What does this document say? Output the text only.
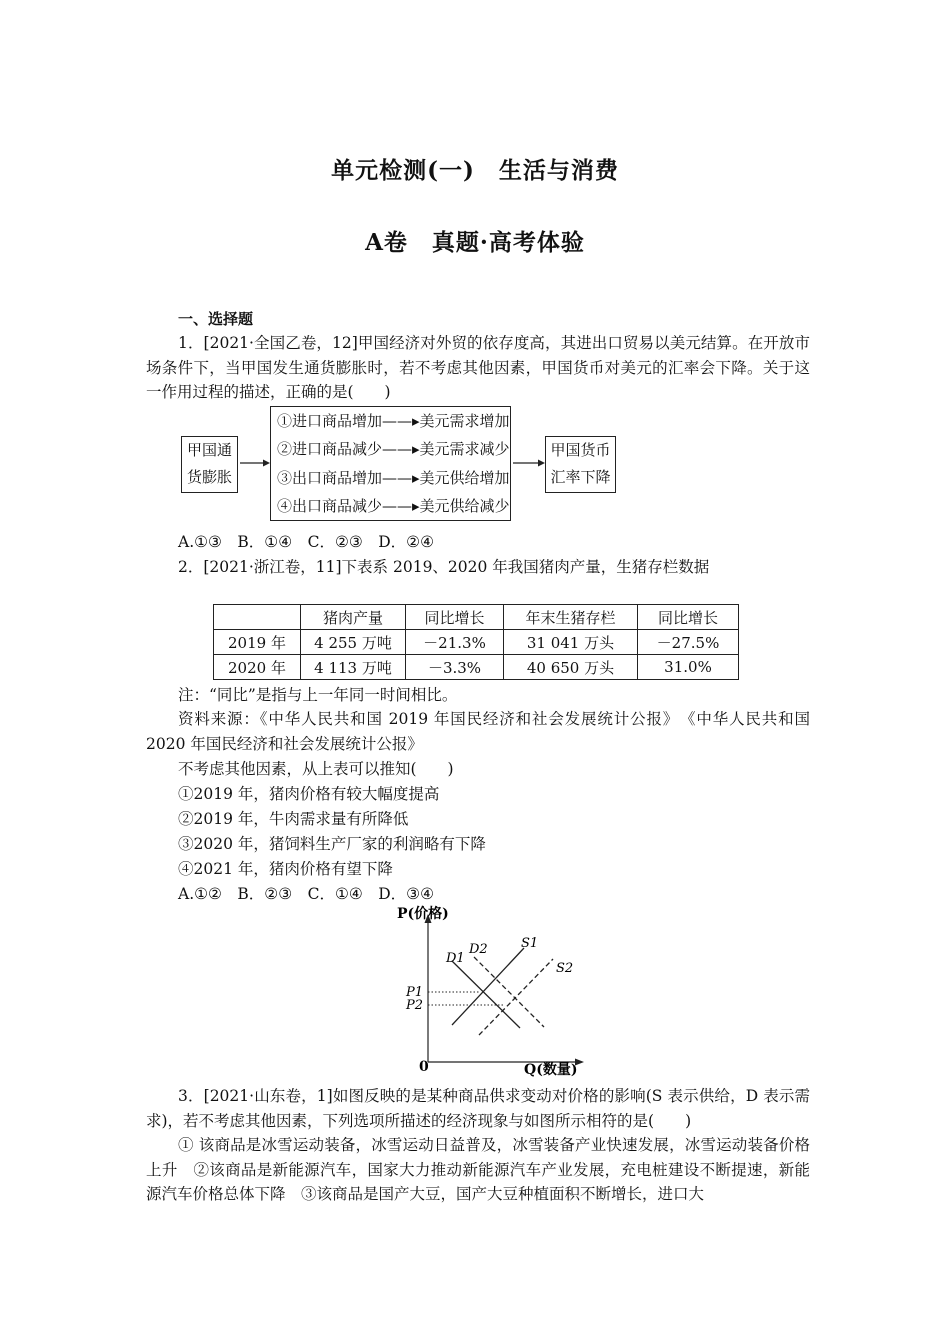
单元检测(一)　生活与消费
A卷　真题·高考体验
一、选择题

1．[2021·全国乙卷，12]甲国经济对外贸的依存度高，其进出口贸易以美元结算。在开放市场条件下，当甲国发生通货膨胀时，若不考虑其他因素，甲国货币对美元的汇率会下降。关于这一作用过程的描述，正确的是(　　)

甲国通
货膨胀
①进口商品增加——▸美元需求增加
②进口商品减少——▸美元需求减少
③出口商品增加——▸美元供给增加
④出口商品减少——▸美元供给减少
甲国货币
汇率下降
A.①③　B．①④　C．②③　D．②④
2．[2021·浙江卷，11]下表系 2019、2020 年我国猪肉产量，生猪存栏数据
	猪肉产量	同比增长	年末生猪存栏	同比增长
2019 年	4 255 万吨	－21.3%	31 041 万头	－27.5%
2020 年	4 113 万吨	－3.3%	40 650 万头	31.0%
注：“同比”是指与上一年同一时间相比。

资料来源：《中华人民共和国 2019 年国民经济和社会发展统计公报》　《中华人民共和国 2020 年国民经济和社会发展统计公报》

不考虑其他因素，从上表可以推知(　　)
①2019 年，猪肉价格有较大幅度提高
②2019 年，牛肉需求量有所降低
③2020 年，猪饲料生产厂家的利润略有下降
④2021 年，猪肉价格有望下降
A.①②　B．②③　C．①④　D．③④
P(价格)
Q(数量)
0
D1
D2	S1
S2
P1
P2

3．[2021·山东卷，1]如图反映的是某种商品供求变动对价格的影响(S 表示供给，D 表示需求)，若不考虑其他因素，下列选项所描述的经济现象与如图所示相符的是(　　)

① 该商品是冰雪运动装备，冰雪运动日益普及，冰雪装备产业快速发展，冰雪运动装备价格上升　②该商品是新能源汽车，国家大力推动新能源汽车产业发展，充电桩建设不断提速，新能源汽车价格总体下降　③该商品是国产大豆，国产大豆种植面积不断增长，进口大
